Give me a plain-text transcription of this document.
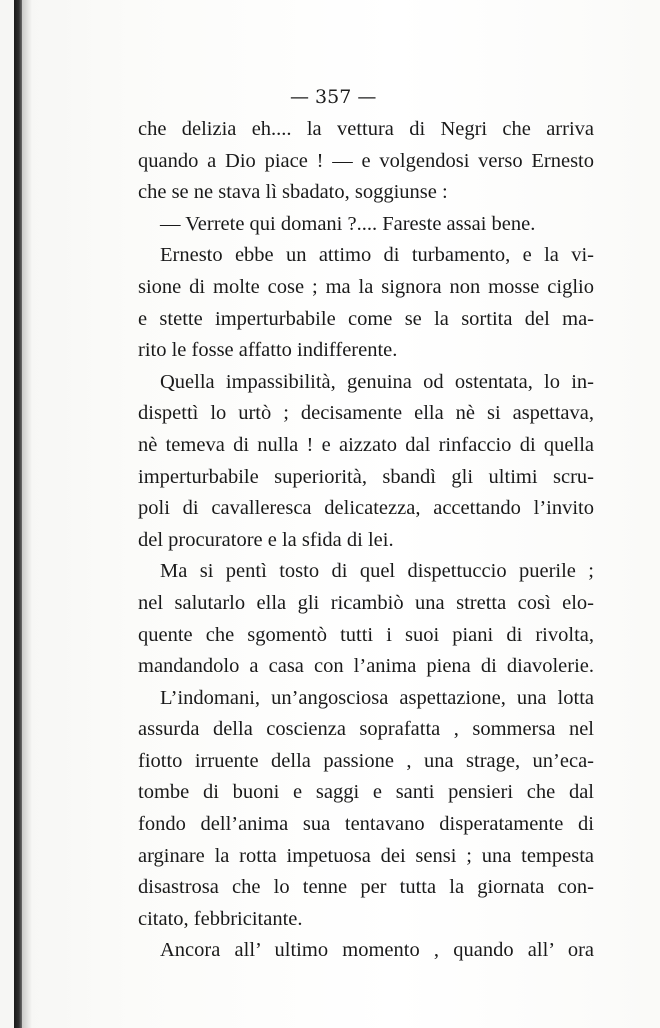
— 357 —
che delizia eh.... la vettura di Negri che arriva
quando a Dio piace ! — e volgendosi verso Ernesto
che se ne stava lì sbadato, soggiunse :
— Verrete qui domani ?.... Fareste assai bene.
Ernesto ebbe un attimo di turbamento, e la vi-
sione di molte cose ; ma la signora non mosse ciglio
e stette imperturbabile come se la sortita del ma-
rito le fosse affatto indifferente.
Quella impassibilità, genuina od ostentata, lo in-
dispettì lo urtò ; decisamente ella nè si aspettava,
nè temeva di nulla ! e aizzato dal rinfaccio di quella
imperturbabile superiorità, sbandì gli ultimi scru-
poli di cavalleresca delicatezza, accettando l’invito
del procuratore e la sfida di lei.
Ma si pentì tosto di quel dispettuccio puerile ;
nel salutarlo ella gli ricambiò una stretta così elo-
quente che sgomentò tutti i suoi piani di rivolta,
mandandolo a casa con l’anima piena di diavolerie.
L’indomani, un’angosciosa aspettazione, una lotta
assurda della coscienza soprafatta , sommersa nel
fiotto irruente della passione , una strage, un’eca-
tombe di buoni e saggi e santi pensieri che dal
fondo dell’anima sua tentavano disperatamente di
arginare la rotta impetuosa dei sensi ; una tempesta
disastrosa che lo tenne per tutta la giornata con-
citato, febbricitante.
Ancora all’ ultimo momento , quando all’ ora
